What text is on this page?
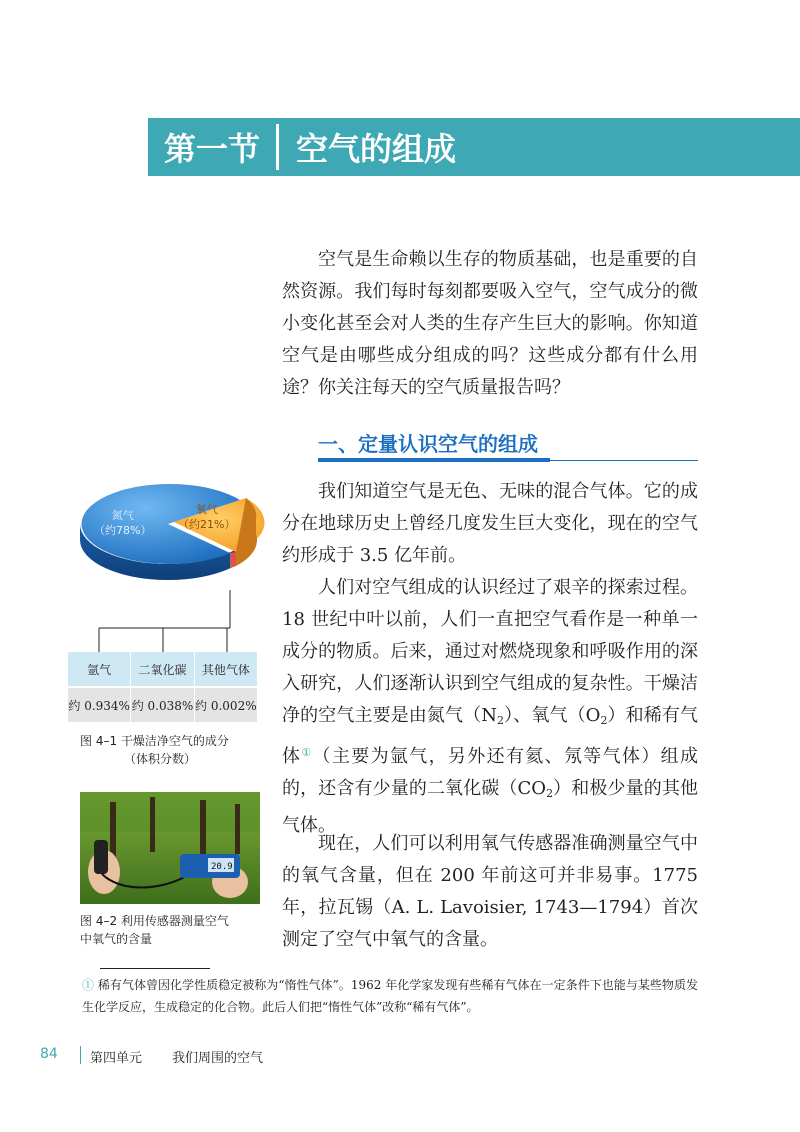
第一节	空气的组成

空气是生命赖以生存的物质基础，也是重要的自然资源。我们每时每刻都要吸入空气，空气成分的微小变化甚至会对人类的生存产生巨大的影响。你知道空气是由哪些成分组成的吗？这些成分都有什么用途？你关注每天的空气质量报告吗？

一、定量认识空气的组成

我们知道空气是无色、无味的混合气体。它的成分在地球历史上曾经几度发生巨大变化，现在的空气约形成于 3.5 亿年前。

人们对空气组成的认识经过了艰辛的探索过程。18 世纪中叶以前，人们一直把空气看作是一种单一成分的物质。后来，通过对燃烧现象和呼吸作用的深入研究，人们逐渐认识到空气组成的复杂性。干燥洁净的空气主要是由氮气$(N_2)$、氧气$(O_2)$和稀有气体①（主要为氩气，另外还有氦、氖等气体）组成的，还含有少量的二氧化碳$(CO_2)$和极少量的其他气体。

现在，人们可以利用氧气传感器准确测量空气中的氧气含量，但在 200 年前这可并非易事。1775 年，拉瓦锡（A. L. Lavoisier, 1743—1794）首次测定了空气中氧气的含量。

氮气
（约78%）
氧气
（约21%）
氩气	二氧化碳	其他气体
约 0.934% 约 0.038% 约 0.002%
图 4–1 干燥洁净空气的成分
（体积分数）
20.9
图 4–2 利用传感器测量空气
中氧气的含量
① 稀有气体曾因化学性质稳定被称为“惰性气体”。1962 年化学家发现有些稀有气体在一定条件下也能与某些物质发生化学反应，生成稳定的化合物。此后人们把“惰性气体”改称“稀有气体”。
84 第四单元 我们周围的空气
